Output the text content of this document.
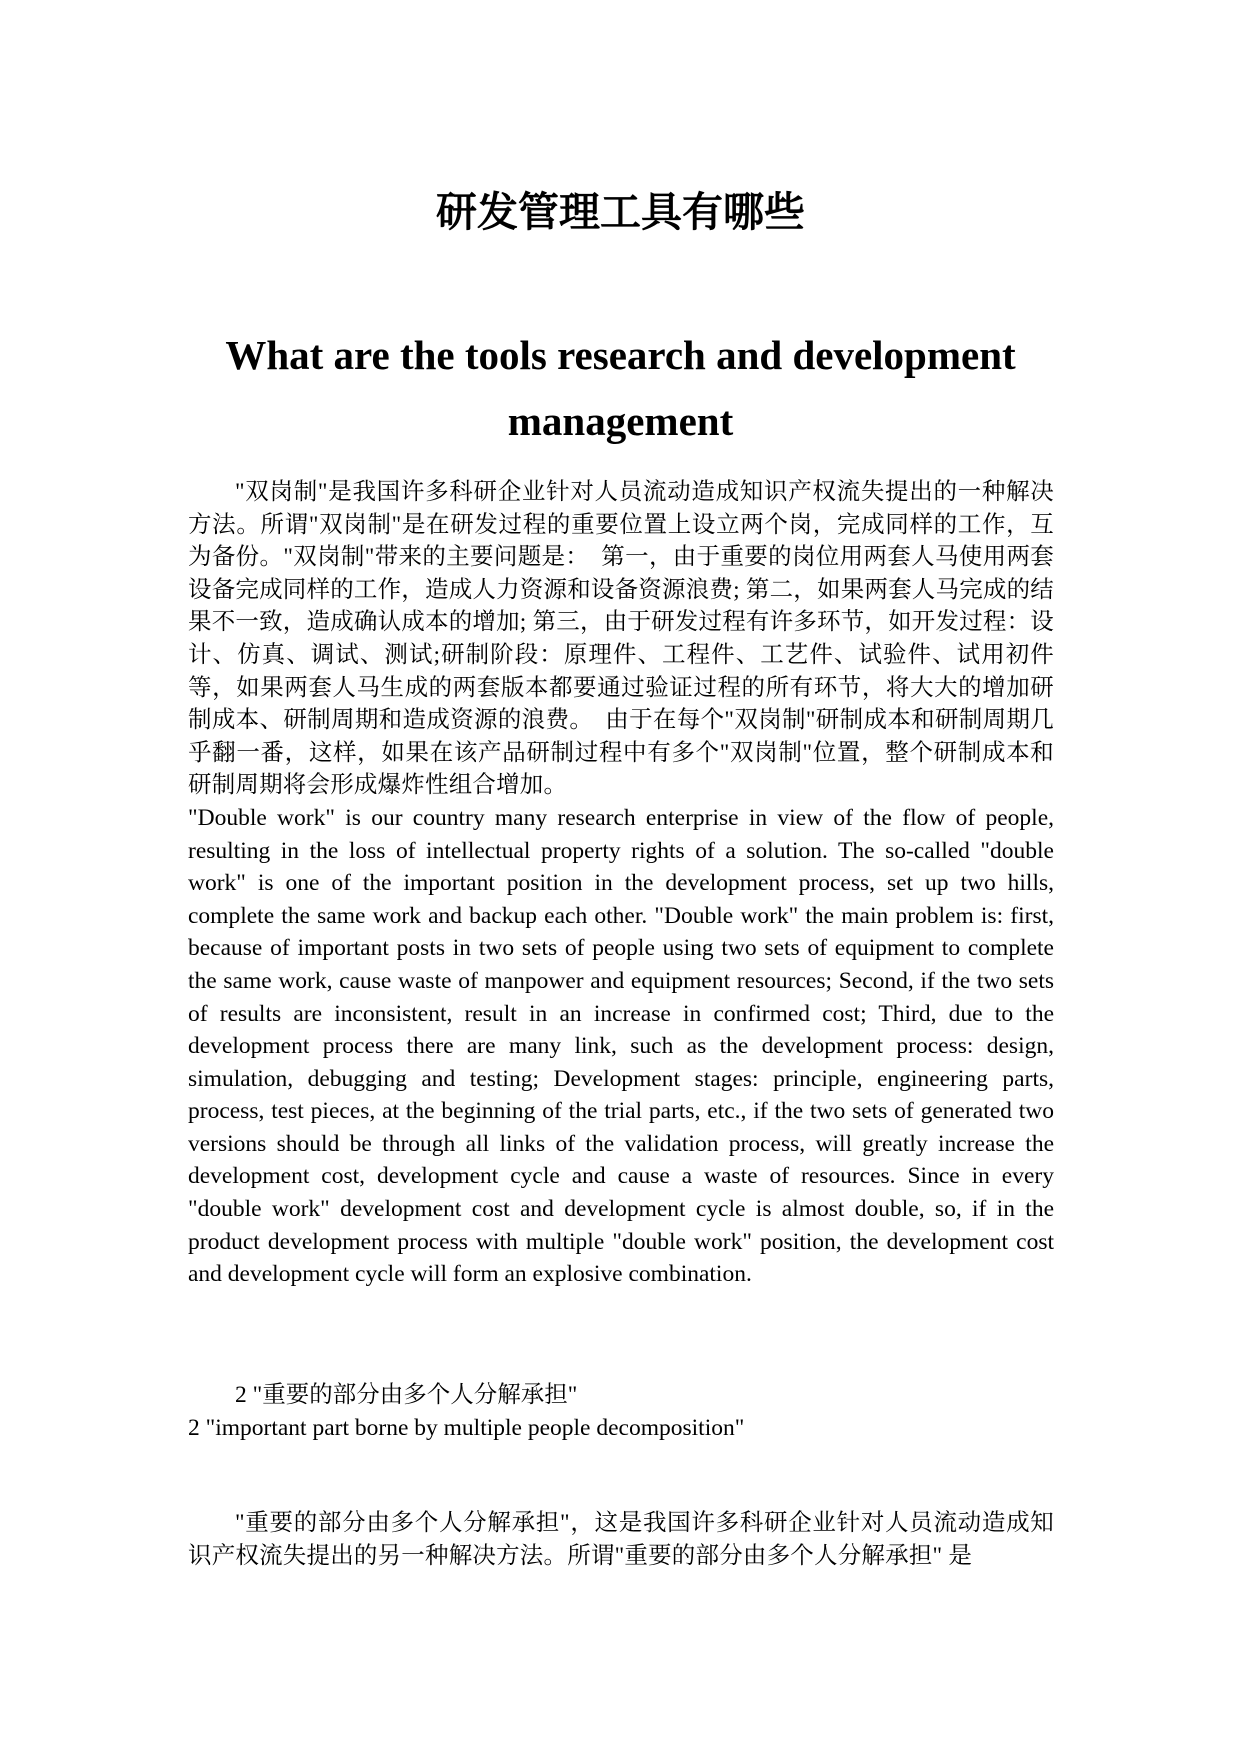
研发管理工具有哪些
What are the tools research and development management

"双岗制"是我国许多科研企业针对人员流动造成知识产权流失提出的一种解决方法。所谓"双岗制"是在研发过程的重要位置上设立两个岗，完成同样的工作，互为备份。"双岗制"带来的主要问题是：　第一，由于重要的岗位用两套人马使用两套设备完成同样的工作，造成人力资源和设备资源浪费; 第二，如果两套人马完成的结果不一致，造成确认成本的增加; 第三，由于研发过程有许多环节，如开发过程：设计、仿真、调试、测试;研制阶段：原理件、工程件、工艺件、试验件、试用初件等，如果两套人马生成的两套版本都要通过验证过程的所有环节，将大大的增加研制成本、研制周期和造成资源的浪费。　由于在每个"双岗制"研制成本和研制周期几乎翻一番，这样，如果在该产品研制过程中有多个"双岗制"位置，整个研制成本和研制周期将会形成爆炸性组合增加。

"Double work" is our country many research enterprise in view of the flow of people, resulting in the loss of intellectual property rights of a solution. The so-called "double work" is one of the important position in the development process, set up two hills, complete the same work and backup each other. "Double work" the main problem is: first, because of important posts in two sets of people using two sets of equipment to complete the same work, cause waste of manpower and equipment resources; Second, if the two sets of results are inconsistent, result in an increase in confirmed cost; Third, due to the development process there are many link, such as the development process: design, simulation, debugging and testing; Development stages: principle, engineering parts, process, test pieces, at the beginning of the trial parts, etc., if the two sets of generated two versions should be through all links of the validation process, will greatly increase the development cost, development cycle and cause a waste of resources. Since in every "double work" development cost and development cycle is almost double, so, if in the product development process with multiple "double work" position, the development cost and development cycle will form an explosive combination.

2 "重要的部分由多个人分解承担"

2 "important part borne by multiple people decomposition"

"重要的部分由多个人分解承担"，这是我国许多科研企业针对人员流动造成知识产权流失提出的另一种解决方法。所谓"重要的部分由多个人分解承担" 是
